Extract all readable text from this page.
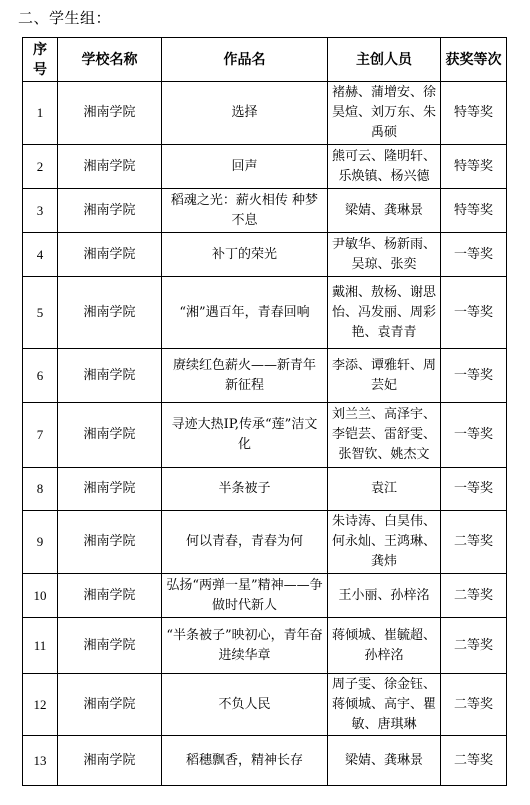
二、学生组：
序号	学校名称	作品名	主创人员	获奖等次
1	湘南学院	选择	褚赫、蒲增安、徐昊煊、刘万东、朱禹硕	特等奖
2	湘南学院	回声	熊可云、隆明轩、乐焕镇、杨兴德	特等奖
3	湘南学院	稻魂之光：薪火相传 种梦不息	梁婧、龚琳景	特等奖
4	湘南学院	补丁的荣光	尹敏华、杨新雨、吴琼、张奕	一等奖
5	湘南学院	“湘”遇百年，青春回响	戴湘、敖杨、谢思怡、冯发丽、周彩艳、袁青青	一等奖
6	湘南学院	赓续红色薪火——新青年 新征程	李添、谭雅轩、周芸妃	一等奖
7	湘南学院	寻迹大热IP,传承“莲”洁文化	刘兰兰、高泽宇、李铠芸、雷舒雯、张智钦、姚杰文	一等奖
8	湘南学院	半条被子	袁江	一等奖
9	湘南学院	何以青春，青春为何	朱诗涛、白昊伟、何永灿、王鸿琳、龚炜	二等奖
10	湘南学院	弘扬“两弹一星”精神——争做时代新人	王小丽、孙梓洺	二等奖
11	湘南学院	“半条被子”映初心，青年奋进续华章	蒋倾城、崔毓超、孙梓洺	二等奖
12	湘南学院	不负人民	周子雯、徐金钰、蒋倾城、高宇、瞿敏、唐琪琳	二等奖
13	湘南学院	稻穗飘香，精神长存	梁婧、龚琳景	二等奖
